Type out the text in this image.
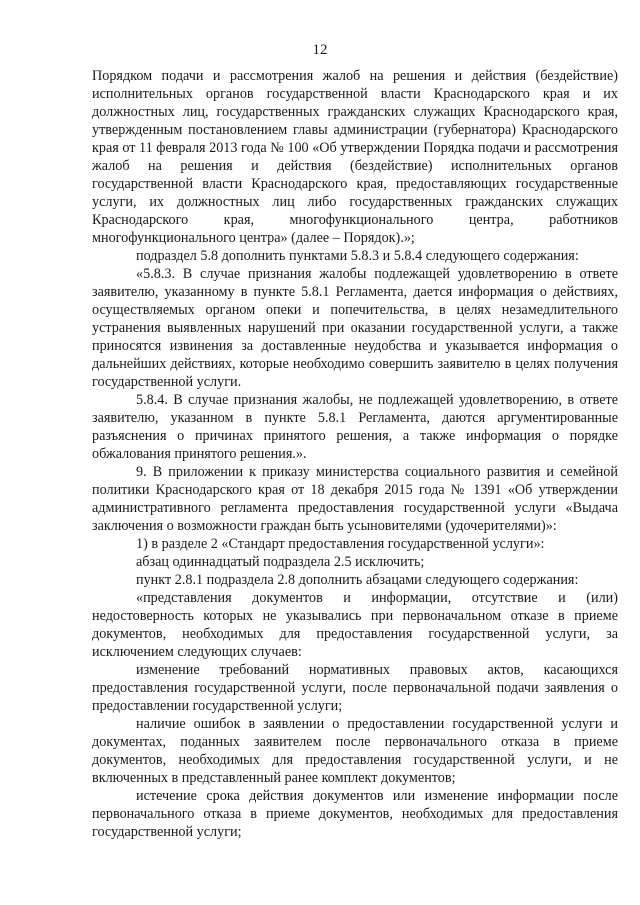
12

Порядком подачи и рассмотрения жалоб на решения и действия (бездействие) исполнительных органов государственной власти Краснодарского края и их должностных лиц, государственных гражданских служащих Краснодарского края, утвержденным постановлением главы администрации (губернатора) Краснодарского края от 11 февраля 2013 года № 100 «Об утверждении Порядка подачи и рассмотрения жалоб на решения и действия (бездействие) исполнительных органов государственной власти Краснодарского края, предоставляющих государственные услуги, их должностных лиц либо государственных гражданских служащих Краснодарского края, многофункционального центра, работников многофункционального центра» (далее – Порядок).»;

подраздел 5.8 дополнить пунктами 5.8.3 и 5.8.4 следующего содержания:

«5.8.3. В случае признания жалобы подлежащей удовлетворению в ответе заявителю, указанному в пункте 5.8.1 Регламента, дается информация о действиях, осуществляемых органом опеки и попечительства, в целях незамедлительного устранения выявленных нарушений при оказании государственной услуги, а также приносятся извинения за доставленные неудобства и указывается информация о дальнейших действиях, которые необходимо совершить заявителю в целях получения государственной услуги.

5.8.4. В случае признания жалобы, не подлежащей удовлетворению, в ответе заявителю, указанном в пункте 5.8.1 Регламента, даются аргументированные разъяснения о причинах принятого решения, а также информация о порядке обжалования принятого решения.».

9. В приложении к приказу министерства социального развития и семейной политики Краснодарского края от 18 декабря 2015 года № 1391 «Об утверждении административного регламента предоставления государственной услуги «Выдача заключения о возможности граждан быть усыновителями (удочерителями)»:

1) в разделе 2 «Стандарт предоставления государственной услуги»:

абзац одиннадцатый подраздела 2.5 исключить;

пункт 2.8.1 подраздела 2.8 дополнить абзацами следующего содержания:

«представления документов и информации, отсутствие и (или) недостоверность которых не указывались при первоначальном отказе в приеме документов, необходимых для предоставления государственной услуги, за исключением следующих случаев:

изменение требований нормативных правовых актов, касающихся предоставления государственной услуги, после первоначальной подачи заявления о предоставлении государственной услуги;

наличие ошибок в заявлении о предоставлении государственной услуги и документах, поданных заявителем после первоначального отказа в приеме документов, необходимых для предоставления государственной услуги, и не включенных в представленный ранее комплект документов;

истечение срока действия документов или изменение информации после первоначального отказа в приеме документов, необходимых для предоставления государственной услуги;
